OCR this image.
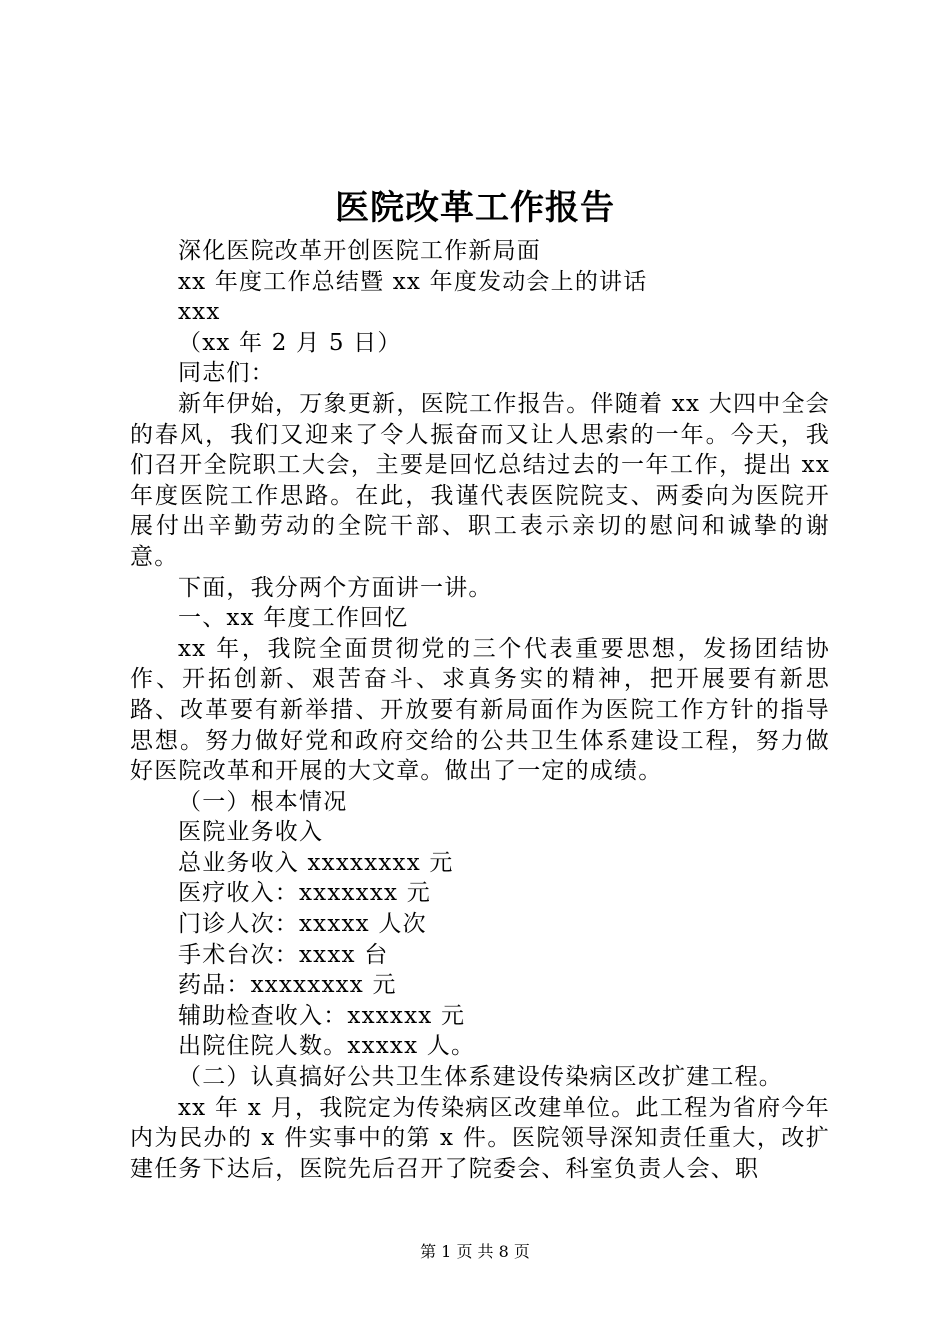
医院改革工作报告

深化医院改革开创医院工作新局面

xx 年度工作总结暨 xx 年度发动会上的讲话

xxx

（xx 年 2 月 5 日）

同志们：

新年伊始，万象更新，医院工作报告。伴随着 xx 大四中全会的春风，我们又迎来了令人振奋而又让人思索的一年。今天，我们召开全院职工大会，主要是回忆总结过去的一年工作，提出 xx 年度医院工作思路。在此，我谨代表医院院支、两委向为医院开展付出辛勤劳动的全院干部、职工表示亲切的慰问和诚挚的谢意。

下面，我分两个方面讲一讲。

一、xx 年度工作回忆

xx 年，我院全面贯彻党的三个代表重要思想，发扬团结协作、开拓创新、艰苦奋斗、求真务实的精神，把开展要有新思路、改革要有新举措、开放要有新局面作为医院工作方针的指导思想。努力做好党和政府交给的公共卫生体系建设工程，努力做好医院改革和开展的大文章。做出了一定的成绩。

（一）根本情况

医院业务收入

总业务收入 xxxxxxxx 元

医疗收入：xxxxxxx 元

门诊人次：xxxxx 人次

手术台次：xxxx 台

药品：xxxxxxxx 元

辅助检查收入：xxxxxx 元

出院住院人数。xxxxx 人。

（二）认真搞好公共卫生体系建设传染病区改扩建工程。

xx 年 x 月，我院定为传染病区改建单位。此工程为省府今年内为民办的 x 件实事中的第 x 件。医院领导深知责任重大，改扩建任务下达后，医院先后召开了院委会、科室负责人会、职

第 1 页 共 8 页
